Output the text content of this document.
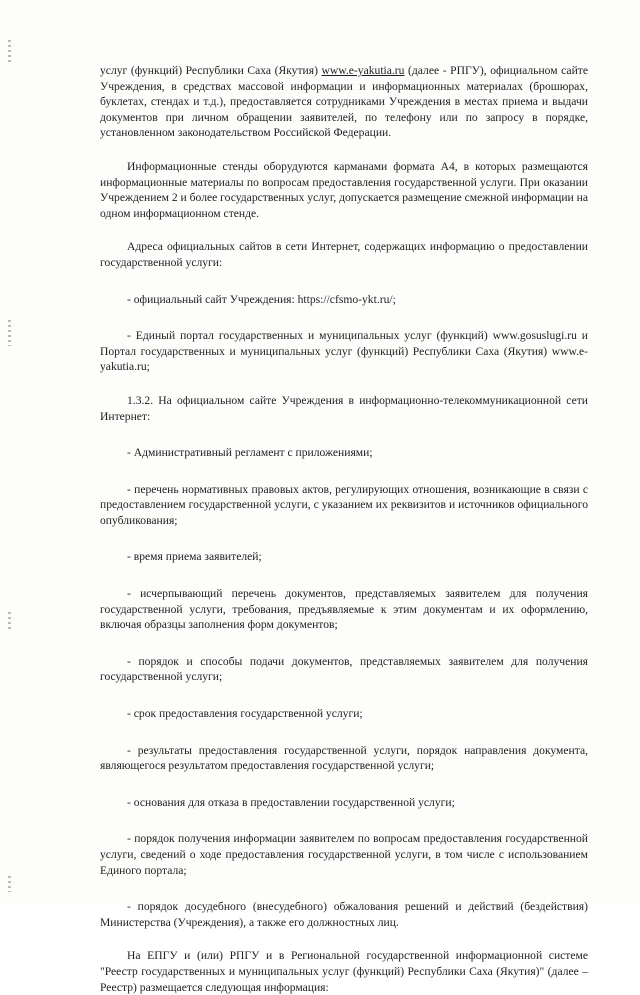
услуг (функций) Республики Саха (Якутия) www.e-yakutia.ru (далее - РПГУ), официальном сайте Учреждения, в средствах массовой информации и информационных материалах (брошюрах, буклетах, стендах и т.д.), предоставляется сотрудниками Учреждения в местах приема и выдачи документов при личном обращении заявителей, по телефону или по запросу в порядке, установленном законодательством Российской Федерации.

Информационные стенды оборудуются карманами формата А4, в которых размещаются информационные материалы по вопросам предоставления государственной услуги. При оказании Учреждением 2 и более государственных услуг, допускается размещение смежной информации на одном информационном стенде.

Адреса официальных сайтов в сети Интернет, содержащих информацию о предоставлении государственной услуги:

- официальный сайт Учреждения: https://cfsmo-ykt.ru/;

- Единый портал государственных и муниципальных услуг (функций) www.gosuslugi.ru и Портал государственных и муниципальных услуг (функций) Республики Саха (Якутия) www.e-yakutia.ru;

1.3.2. На официальном сайте Учреждения в информационно-телекоммуникационной сети Интернет:

- Административный регламент с приложениями;

- перечень нормативных правовых актов, регулирующих отношения, возникающие в связи с предоставлением государственной услуги, с указанием их реквизитов и источников официального опубликования;

- время приема заявителей;

- исчерпывающий перечень документов, представляемых заявителем для получения государственной услуги, требования, предъявляемые к этим документам и их оформлению, включая образцы заполнения форм документов;

- порядок и способы подачи документов, представляемых заявителем для получения государственной услуги;

- срок предоставления государственной услуги;

- результаты предоставления государственной услуги, порядок направления документа, являющегося результатом предоставления государственной услуги;

- основания для отказа в предоставлении государственной услуги;

- порядок получения информации заявителем по вопросам предоставления государственной услуги, сведений о ходе предоставления государственной услуги, в том числе с использованием Единого портала;

- порядок досудебного (внесудебного) обжалования решений и действий (бездействия) Министерства (Учреждения), а также его должностных лиц.

На ЕПГУ и (или) РПГУ и в Региональной государственной информационной системе "Реестр государственных и муниципальных услуг (функций) Республики Саха (Якутия)" (далее – Реестр) размещается следующая информация:
